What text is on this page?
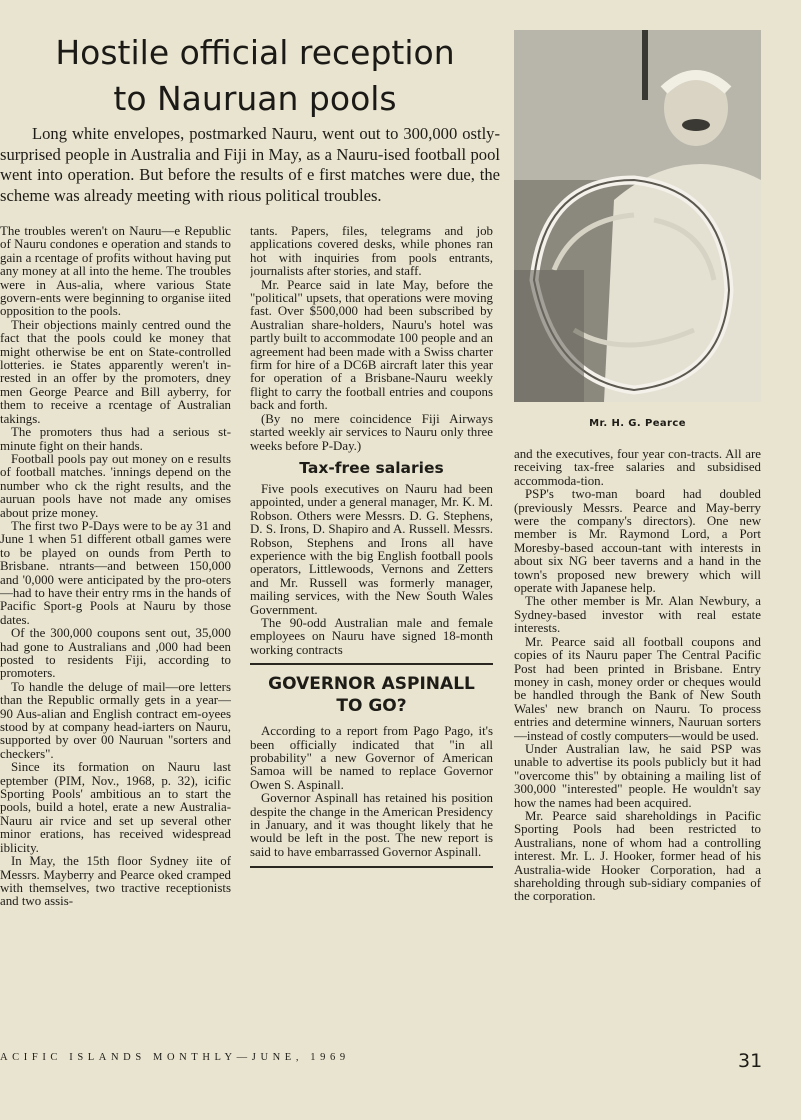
Hostile official reception
to Nauruan pools

Long white envelopes, postmarked Nauru, went out to 300,000 ostly-surprised people in Australia and Fiji in May, as a Nauru-ised football pool went into operation. But before the results of e first matches were due, the scheme was already meeting with rious political troubles.

The troubles weren't on Nauru—e Republic of Nauru condones e operation and stands to gain a rcentage of profits without having put any money at all into the heme. The troubles were in Aus-alia, where various State govern-ents were beginning to organise iited opposition to the pools.

Their objections mainly centred ound the fact that the pools could ke money that might otherwise be ent on State-controlled lotteries. ie States apparently weren't in-rested in an offer by the promoters, dney men George Pearce and Bill ayberry, for them to receive a rcentage of Australian takings.

The promoters thus had a serious st-minute fight on their hands.

Football pools pay out money on e results of football matches. 'innings depend on the number who ck the right results, and the auruan pools have not made any omises about prize money.

The first two P-Days were to be ay 31 and June 1 when 51 different otball games were to be played on ounds from Perth to Brisbane. ntrants—and between 150,000 and '0,000 were anticipated by the pro-oters—had to have their entry rms in the hands of Pacific Sport-g Pools at Nauru by those dates.

Of the 300,000 coupons sent out, 35,000 had gone to Australians and ,000 had been posted to residents Fiji, according to promoters.

To handle the deluge of mail—ore letters than the Republic ormally gets in a year—90 Aus-alian and English contract em-oyees stood by at company head-iarters on Nauru, supported by over 00 Nauruan "sorters and checkers".

Since its formation on Nauru last eptember (PIM, Nov., 1968, p. 32), icific Sporting Pools' ambitious an to start the pools, build a hotel, erate a new Australia-Nauru air rvice and set up several other minor erations, has received widespread iblicity.

In May, the 15th floor Sydney iite of Messrs. Mayberry and Pearce oked cramped with themselves, two tractive receptionists and two assis-

tants. Papers, files, telegrams and job applications covered desks, while phones ran hot with inquiries from pools entrants, journalists after stories, and staff.

Mr. Pearce said in late May, before the "political" upsets, that operations were moving fast. Over $500,000 had been subscribed by Australian share-holders, Nauru's hotel was partly built to accommodate 100 people and an agreement had been made with a Swiss charter firm for hire of a DC6B aircraft later this year for operation of a Brisbane-Nauru weekly flight to carry the football entries and coupons back and forth.

(By no mere coincidence Fiji Airways started weekly air services to Nauru only three weeks before P-Day.)

Tax-free salaries

Five pools executives on Nauru had been appointed, under a general manager, Mr. K. M. Robson. Others were Messrs. D. G. Stephens, D. S. Irons, D. Shapiro and A. Russell. Messrs. Robson, Stephens and Irons all have experience with the big English football pools operators, Littlewoods, Vernons and Zetters and Mr. Russell was formerly manager, mailing services, with the New South Wales Government.

The 90-odd Australian male and female employees on Nauru have signed 18-month working contracts

GOVERNOR ASPINALL
TO GO?

According to a report from Pago Pago, it's been officially indicated that "in all probability" a new Governor of American Samoa will be named to replace Governor Owen S. Aspinall.

Governor Aspinall has retained his position despite the change in the American Presidency in January, and it was thought likely that he would be left in the post. The new report is said to have embarrassed Governor Aspinall.

Mr. H. G. Pearce

and the executives, four year con-tracts. All are receiving tax-free salaries and subsidised accommoda-tion.

PSP's two-man board had doubled (previously Messrs. Pearce and May-berry were the company's directors). One new member is Mr. Raymond Lord, a Port Moresby-based accoun-tant with interests in about six NG beer taverns and a hand in the town's proposed new brewery which will operate with Japanese help.

The other member is Mr. Alan Newbury, a Sydney-based investor with real estate interests.

Mr. Pearce said all football coupons and copies of its Nauru paper The Central Pacific Post had been printed in Brisbane. Entry money in cash, money order or cheques would be handled through the Bank of New South Wales' new branch on Nauru. To process entries and determine winners, Nauruan sorters—instead of costly computers—would be used.

Under Australian law, he said PSP was unable to advertise its pools publicly but it had "overcome this" by obtaining a mailing list of 300,000 "interested" people. He wouldn't say how the names had been acquired.

Mr. Pearce said shareholdings in Pacific Sporting Pools had been restricted to Australians, none of whom had a controlling interest. Mr. L. J. Hooker, former head of his Australia-wide Hooker Corporation, had a shareholding through sub-sidiary companies of the corporation.

ACIFIC ISLANDS MONTHLY—JUNE, 1969	31
